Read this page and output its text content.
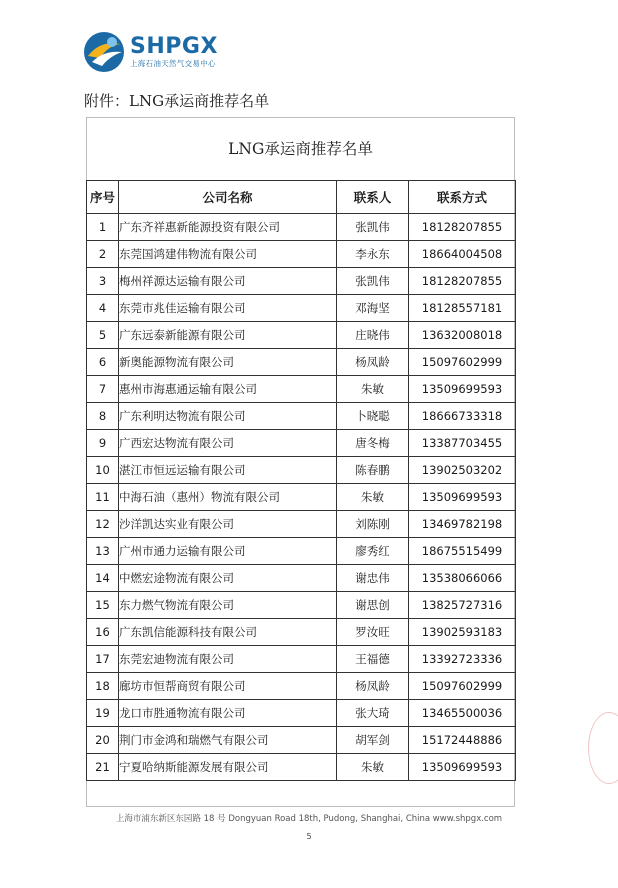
SHPGX
上海石油天然气交易中心
附件：LNG承运商推荐名单
LNG承运商推荐名单
序号	公司名称	联系人	联系方式
1	广东齐祥惠新能源投资有限公司	张凯伟	18128207855
2	东莞国鸿建伟物流有限公司	李永东	18664004508
3	梅州祥源达运输有限公司	张凯伟	18128207855
4	东莞市兆佳运输有限公司	邓海坚	18128557181
5	广东远泰新能源有限公司	庄晓伟	13632008018
6	新奥能源物流有限公司	杨凤龄	15097602999
7	惠州市海惠通运输有限公司	朱敏	13509699593
8	广东利明达物流有限公司	卜晓聪	18666733318
9	广西宏达物流有限公司	唐冬梅	13387703455
10	湛江市恒远运输有限公司	陈春鹏	13902503202
11	中海石油（惠州）物流有限公司	朱敏	13509699593
12	沙洋凯达实业有限公司	刘陈刚	13469782198
13	广州市通力运输有限公司	廖秀红	18675515499
14	中燃宏途物流有限公司	谢忠伟	13538066066
15	东力燃气物流有限公司	谢思创	13825727316
16	广东凯信能源科技有限公司	罗汝旺	13902593183
17	东莞宏迪物流有限公司	王福德	13392723336
18	廊坊市恒帮商贸有限公司	杨凤龄	15097602999
19	龙口市胜通物流有限公司	张大琦	13465500036
20	荆门市金鸿和瑞燃气有限公司	胡军剑	15172448886
21	宁夏哈纳斯能源发展有限公司	朱敏	13509699593
上海市浦东新区东园路 18 号 Dongyuan Road 18th, Pudong, Shanghai, China www.shpgx.com
5
